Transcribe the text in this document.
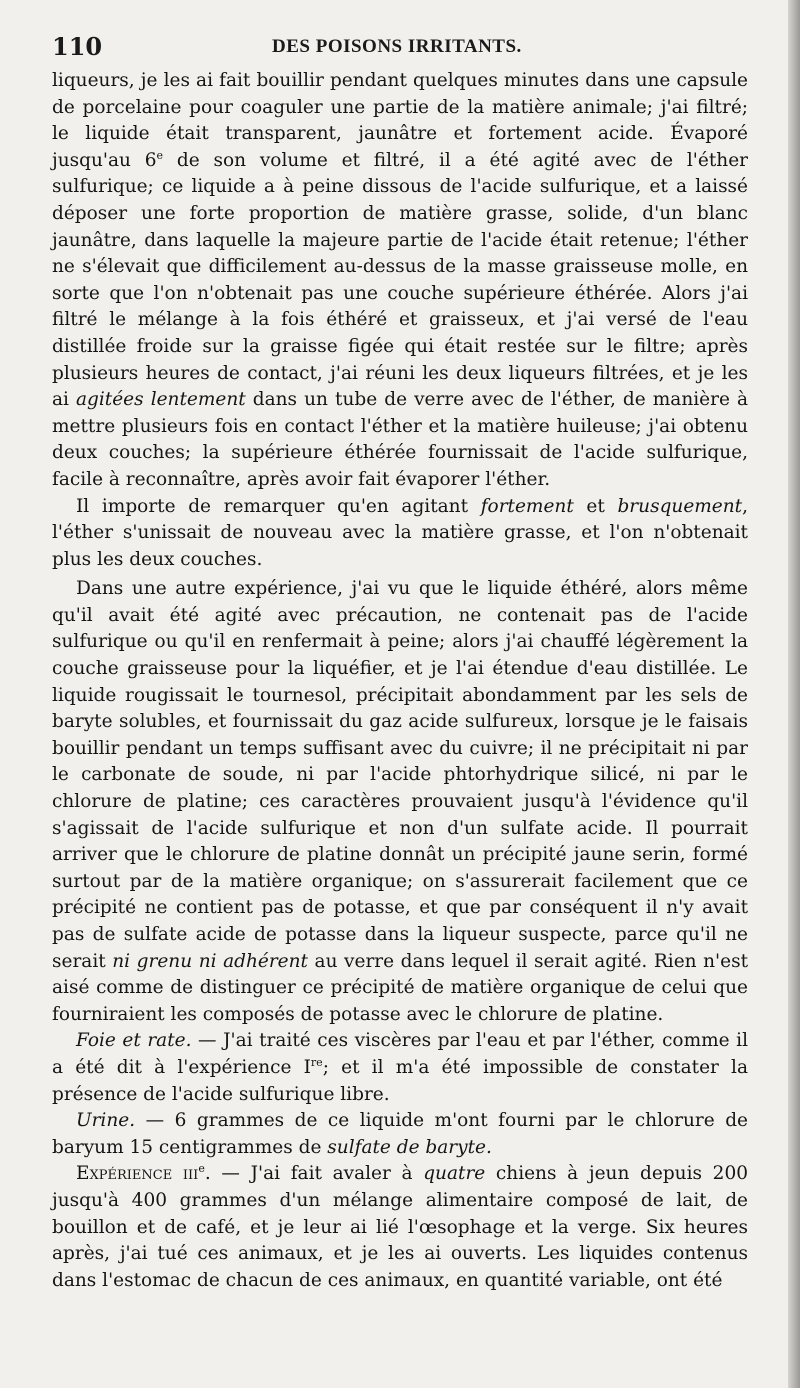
110	DES POISONS IRRITANTS.

liqueurs, je les ai fait bouillir pendant quelques minutes dans une capsule de porcelaine pour coaguler une partie de la matière animale; j'ai filtré; le liquide était transparent, jaunâtre et fortement acide. Évaporé jusqu'au 6e de son volume et filtré, il a été agité avec de l'éther sulfurique; ce liquide a à peine dissous de l'acide sulfurique, et a laissé déposer une forte proportion de matière grasse, solide, d'un blanc jaunâtre, dans laquelle la majeure partie de l'acide était retenue; l'éther ne s'élevait que difficilement au-dessus de la masse graisseuse molle, en sorte que l'on n'obtenait pas une couche supérieure éthérée. Alors j'ai filtré le mélange à la fois éthéré et graisseux, et j'ai versé de l'eau distillée froide sur la graisse figée qui était restée sur le filtre; après plusieurs heures de contact, j'ai réuni les deux liqueurs filtrées, et je les ai agitées lentement dans un tube de verre avec de l'éther, de manière à mettre plusieurs fois en contact l'éther et la matière huileuse; j'ai obtenu deux couches; la supérieure éthérée fournissait de l'acide sulfurique, facile à reconnaître, après avoir fait évaporer l'éther.

Il importe de remarquer qu'en agitant fortement et brusquement, l'éther s'unissait de nouveau avec la matière grasse, et l'on n'obtenait plus les deux couches.

Dans une autre expérience, j'ai vu que le liquide éthéré, alors même qu'il avait été agité avec précaution, ne contenait pas de l'acide sulfurique ou qu'il en renfermait à peine; alors j'ai chauffé légèrement la couche graisseuse pour la liquéfier, et je l'ai étendue d'eau distillée. Le liquide rougissait le tournesol, précipitait abondamment par les sels de baryte solubles, et fournissait du gaz acide sulfureux, lorsque je le faisais bouillir pendant un temps suffisant avec du cuivre; il ne précipitait ni par le carbonate de soude, ni par l'acide phtorhydrique silicé, ni par le chlorure de platine; ces caractères prouvaient jusqu'à l'évidence qu'il s'agissait de l'acide sulfurique et non d'un sulfate acide. Il pourrait arriver que le chlorure de platine donnât un précipité jaune serin, formé surtout par de la matière organique; on s'assurerait facilement que ce précipité ne contient pas de potasse, et que par conséquent il n'y avait pas de sulfate acide de potasse dans la liqueur suspecte, parce qu'il ne serait ni grenu ni adhérent au verre dans lequel il serait agité. Rien n'est aisé comme de distinguer ce précipité de matière organique de celui que fourniraient les composés de potasse avec le chlorure de platine.

Foie et rate. — J'ai traité ces viscères par l'eau et par l'éther, comme il a été dit à l'expérience Ire; et il m'a été impossible de constater la présence de l'acide sulfurique libre.

Urine. — 6 grammes de ce liquide m'ont fourni par le chlorure de baryum 15 centigrammes de sulfate de baryte.

Expérience iii$^e$. — J'ai fait avaler à quatre chiens à jeun depuis 200 jusqu'à 400 grammes d'un mélange alimentaire composé de lait, de bouillon et de café, et je leur ai lié l'œsophage et la verge. Six heures après, j'ai tué ces animaux, et je les ai ouverts. Les liquides contenus dans l'estomac de chacun de ces animaux, en quantité variable, ont été
